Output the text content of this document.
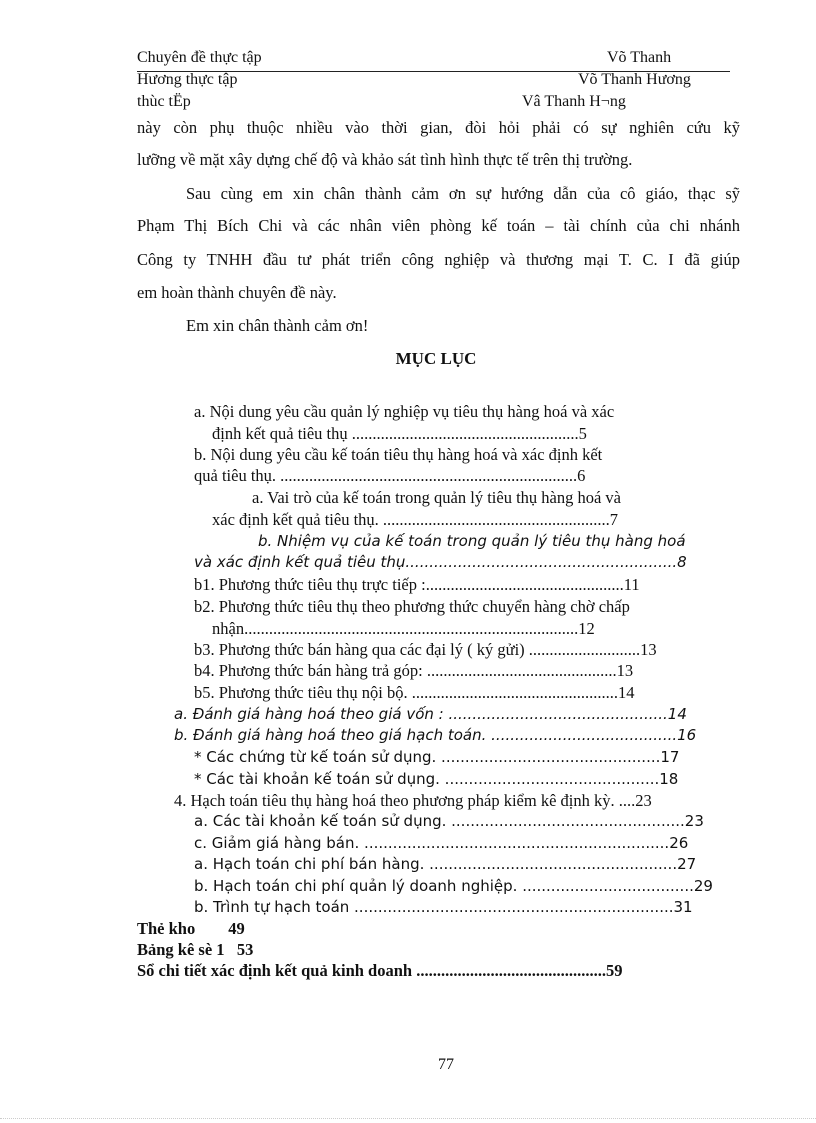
Chuyên đề thực tập	Võ Thanh
Hương thực tập	Võ Thanh Hương
thùc tËp	Vâ Thanh H¬ng
này còn phụ thuộc nhiều vào thời gian, đòi hỏi phải có sự nghiên cứu kỹ
lưỡng về mặt xây dựng chế độ và khảo sát tình hình thực tế trên thị trường.
Sau cùng em xin chân thành cảm ơn sự hướng dẫn của cô giáo, thạc sỹ
Phạm Thị Bích Chi và các nhân viên phòng kế toán – tài chính của chi nhánh
Công ty TNHH đầu tư phát triển công nghiệp và thương mại T. C. I đã giúp
em hoàn thành chuyên đề này.
Em xin chân thành cảm ơn!
MỤC LỤC
a. Nội dung yêu cầu quản lý nghiệp vụ tiêu thụ hàng hoá và xác
định kết quả tiêu thụ .......................................................5
b. Nội dung yêu cầu kế toán tiêu thụ hàng hoá và xác định kết
quả tiêu thụ. ........................................................................6
a. Vai trò của kế toán trong quản lý tiêu thụ hàng hoá và
xác định kết quả tiêu thụ. .......................................................7
b. Nhiệm vụ của kế toán trong quản lý tiêu thụ hàng hoá
và xác định kết quả tiêu thụ.........................................................8
b1. Phương thức tiêu thụ trực tiếp :................................................11
b2. Phương thức tiêu thụ theo phương thức chuyển hàng chờ chấp
nhận.................................................................................12
b3. Phương thức bán hàng qua các đại lý ( ký gửi) ...........................13
b4. Phương thức bán hàng trả góp: ..............................................13
b5. Phương thức tiêu thụ nội bộ. ..................................................14
a. Đánh giá hàng hoá theo giá vốn : ..............................................14
b. Đánh giá hàng hoá theo giá hạch toán. .......................................16
* Các chứng từ kế toán sử dụng. ..............................................17
* Các tài khoản kế toán sử dụng. .............................................18
4. Hạch toán tiêu thụ hàng hoá theo phương pháp kiểm kê định kỳ. ....23
a. Các tài khoản kế toán sử dụng. .................................................23
c. Giảm giá hàng bán. ................................................................26
a. Hạch toán chi phí bán hàng. ....................................................27
b. Hạch toán chi phí quản lý doanh nghiệp. ....................................29
b. Trình tự hạch toán ...................................................................31
Thẻ kho        49
Bảng kê sè 1   53
Sổ chi tiết xác định kết quả kinh doanh ..............................................59
77
